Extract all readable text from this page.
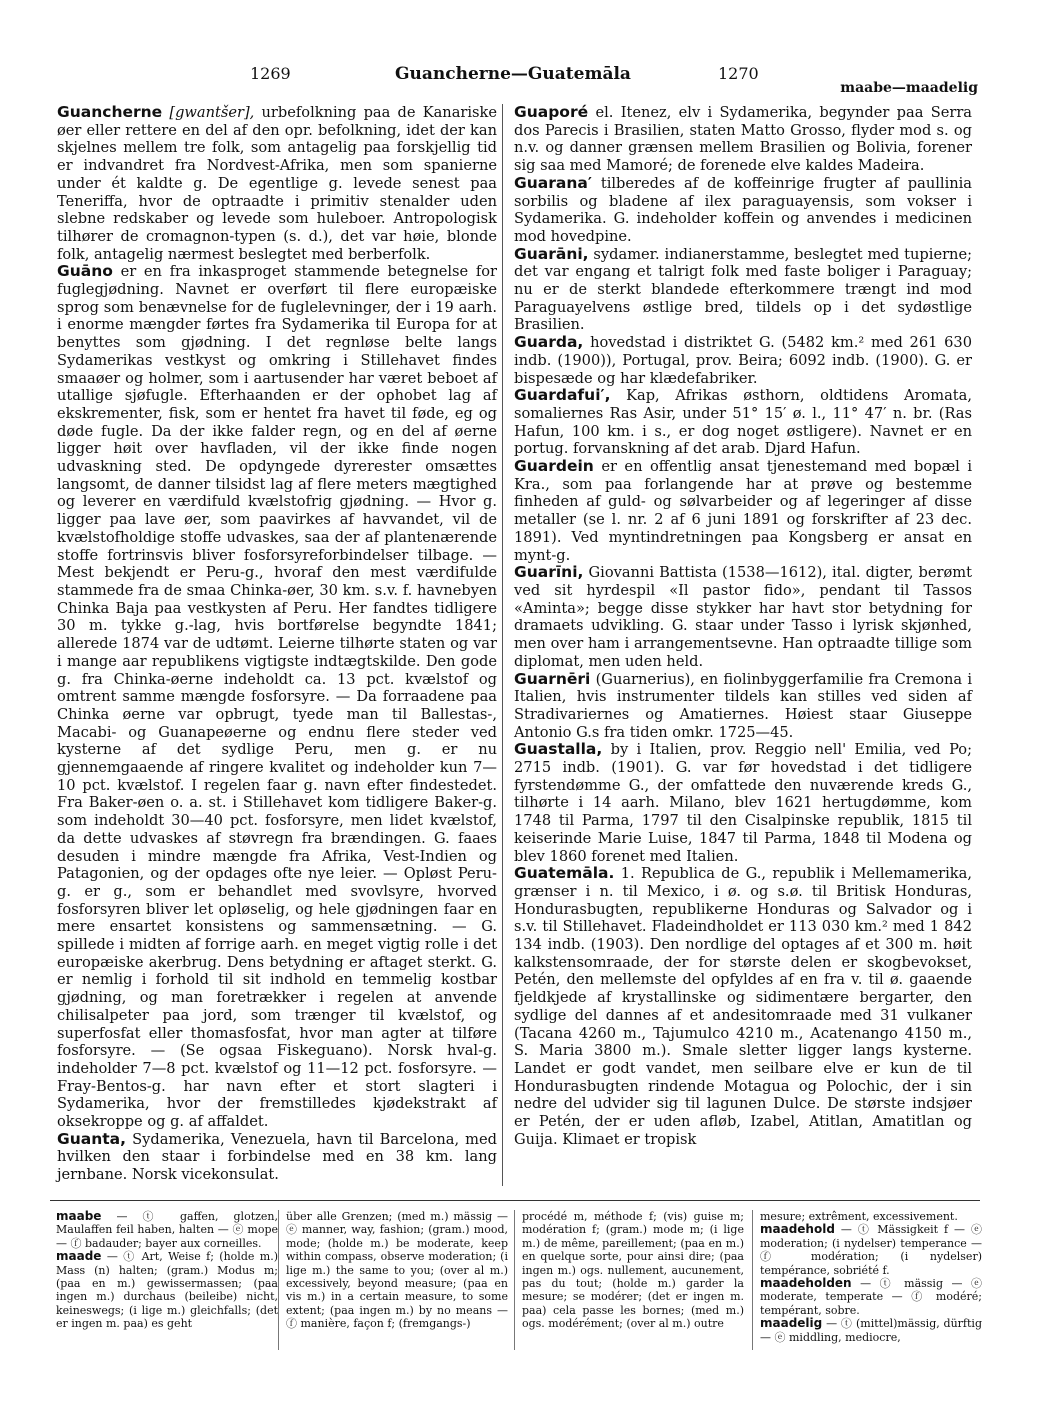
1269	Guancherne—Guatemāla	1270
maabe—maadelig

Guancherne [gwantšer], urbefolkning paa de Kanariske øer eller rettere en del af den opr. befolkning, idet der kan skjelnes mellem tre folk, som antagelig paa forskjellig tid er indvandret fra Nordvest-Afrika, men som spanierne under ét kaldte g. De egentlige g. levede senest paa Teneriffa, hvor de optraadte i primitiv stenalder uden slebne redskaber og levede som huleboer. Antropologisk tilhører de cromagnon-typen (s. d.), det var høie, blonde folk, antagelig nærmest beslegtet med berberfolk.

Guāno er en fra inkasproget stammende betegnelse for fuglegjødning. Navnet er overført til flere europæiske sprog som benævnelse for de fuglelevninger, der i 19 aarh. i enorme mængder førtes fra Sydamerika til Europa for at benyttes som gjødning. I det regnløse belte langs Sydamerikas vestkyst og omkring i Stillehavet findes smaaøer og holmer, som i aartusender har været beboet af utallige sjøfugle. Efterhaanden er der ophobet lag af ekskrementer, fisk, som er hentet fra havet til føde, eg og døde fugle. Da der ikke falder regn, og en del af øerne ligger høit over havfladen, vil der ikke finde nogen udvaskning sted. De opdyngede dyrerester omsættes langsomt, de danner tilsidst lag af flere meters mægtighed og leverer en værdifuld kvælstofrig gjødning. — Hvor g. ligger paa lave øer, som paavirkes af havvandet, vil de kvælstofholdige stoffe udvaskes, saa der af plantenærende stoffe fortrinsvis bliver fosforsyreforbindelser tilbage. — Mest bekjendt er Peru-g., hvoraf den mest værdifulde stammede fra de smaa Chinka-øer, 30 km. s.v. f. havnebyen Chinka Baja paa vestkysten af Peru. Her fandtes tidligere 30 m. tykke g.-lag, hvis bortførelse begyndte 1841; allerede 1874 var de udtømt. Leierne tilhørte staten og var i mange aar republikens vigtigste indtægtskilde. Den gode g. fra Chinka-øerne indeholdt ca. 13 pct. kvælstof og omtrent samme mængde fosforsyre. — Da forraadene paa Chinka øerne var opbrugt, tyede man til Ballestas-, Macabi- og Guanapeøerne og endnu flere steder ved kysterne af det sydlige Peru, men g. er nu gjennemgaaende af ringere kvalitet og indeholder kun 7—10 pct. kvælstof. I regelen faar g. navn efter findestedet. Fra Baker-øen o. a. st. i Stillehavet kom tidligere Baker-g. som indeholdt 30—40 pct. fosforsyre, men lidet kvælstof, da dette udvaskes af støvregn fra brændingen. G. faaes desuden i mindre mængde fra Afrika, Vest-Indien og Patagonien, og der opdages ofte nye leier. — Opløst Peru-g. er g., som er behandlet med svovlsyre, hvorved fosforsyren bliver let opløselig, og hele gjødningen faar en mere ensartet konsistens og sammensætning. — G. spillede i midten af forrige aarh. en meget vigtig rolle i det europæiske akerbrug. Dens betydning er aftaget sterkt. G. er nemlig i forhold til sit indhold en temmelig kostbar gjødning, og man foretrækker i regelen at anvende chilisalpeter paa jord, som trænger til kvælstof, og superfosfat eller thomasfosfat, hvor man agter at tilføre fosforsyre. — (Se ogsaa Fiskeguano). Norsk hval-g. indeholder 7—8 pct. kvælstof og 11—12 pct. fosforsyre. — Fray-Bentos-g. har navn efter et stort slagteri i Sydamerika, hvor der fremstilledes kjødekstrakt af oksekroppe og g. af affaldet.

Guanta, Sydamerika, Venezuela, havn til Barcelona, med hvilken den staar i forbindelse med en 38 km. lang jernbane. Norsk vicekonsulat.

Guaporé el. Itenez, elv i Sydamerika, begynder paa Serra dos Parecis i Brasilien, staten Matto Grosso, flyder mod s. og n.v. og danner grænsen mellem Brasilien og Bolivia, forener sig saa med Mamoré; de forenede elve kaldes Madeira.

Guarana′ tilberedes af de koffeinrige frugter af paullinia sorbilis og bladene af ilex paraguayensis, som vokser i Sydamerika. G. indeholder koffein og anvendes i medicinen mod hovedpine.

Guarāni, sydamer. indianerstamme, beslegtet med tupierne; det var engang et talrigt folk med faste boliger i Paraguay; nu er de sterkt blandede efterkommere trængt ind mod Paraguayelvens østlige bred, tildels op i det sydøstlige Brasilien.

Guarda, hovedstad i distriktet G. (5482 km.² med 261 630 indb. (1900)), Portugal, prov. Beira; 6092 indb. (1900). G. er bispesæde og har klædefabriker.

Guardafui′, Kap, Afrikas østhorn, oldtidens Aromata, somaliernes Ras Asir, under 51° 15′ ø. l., 11° 47′ n. br. (Ras Hafun, 100 km. i s., er dog noget østligere). Navnet er en portug. forvanskning af det arab. Djard Hafun.

Guardein er en offentlig ansat tjenestemand med bopæl i Kra., som paa forlangende har at prøve og bestemme finheden af guld- og sølvarbeider og af legeringer af disse metaller (se l. nr. 2 af 6 juni 1891 og forskrifter af 23 dec. 1891). Ved myntindretningen paa Kongsberg er ansat en mynt-g.

Guarīni, Giovanni Battista (1538—1612), ital. digter, berømt ved sit hyrdespil «Il pastor fido», pendant til Tassos «Aminta»; begge disse stykker har havt stor betydning for dramaets udvikling. G. staar under Tasso i lyrisk skjønhed, men over ham i arrangementsevne. Han optraadte tillige som diplomat, men uden held.

Guarnēri (Guarnerius), en fiolinbyggerfamilie fra Cremona i Italien, hvis instrumenter tildels kan stilles ved siden af Stradivariernes og Amatiernes. Høiest staar Giuseppe Antonio G.s fra tiden omkr. 1725—45.

Guastalla, by i Italien, prov. Reggio nell' Emilia, ved Po; 2715 indb. (1901). G. var før hovedstad i det tidligere fyrstendømme G., der omfattede den nuværende kreds G., tilhørte i 14 aarh. Milano, blev 1621 hertugdømme, kom 1748 til Parma, 1797 til den Cisalpinske republik, 1815 til keiserinde Marie Luise, 1847 til Parma, 1848 til Modena og blev 1860 forenet med Italien.

Guatemāla. 1. Republica de G., republik i Mellemamerika, grænser i n. til Mexico, i ø. og s.ø. til Britisk Honduras, Hondurasbugten, republikerne Honduras og Salvador og i s.v. til Stillehavet. Fladeindholdet er 113 030 km.² med 1 842 134 indb. (1903). Den nordlige del optages af et 300 m. høit kalkstensomraade, der for største delen er skogbevokset, Petén, den mellemste del opfyldes af en fra v. til ø. gaaende fjeldkjede af krystallinske og sidimentære bergarter, den sydlige del dannes af et andesitomraade med 31 vulkaner (Tacana 4260 m., Tajumulco 4210 m., Acatenango 4150 m., S. Maria 3800 m.). Smale sletter ligger langs kysterne. Landet er godt vandet, men seilbare elve er kun de til Hondurasbugten rindende Motagua og Polochic, der i sin nedre del udvider sig til lagunen Dulce. De største indsjøer er Petén, der er uden afløb, Izabel, Atitlan, Amatitlan og Guija. Klimaet er tropisk

maabe — ⓣ gaffen, glotzen, Maulaffen feil haben, halten — ⓔ mope — ⓕ badauder; bayer aux corneilles.
maade — ⓣ Art, Weise f; (holde m.) Mass (n) halten; (gram.) Modus m; (paa en m.) gewissermassen; (paa ingen m.) durchaus (beileibe) nicht, keineswegs; (i lige m.) gleichfalls; (det er ingen m. paa) es geht
über alle Grenzen; (med m.) mässig — ⓔ manner, way, fashion; (gram.) mood, mode; (holde m.) be moderate, keep within compass, observe moderation; (i lige m.) the same to you; (over al m.) excessively, beyond measure; (paa en vis m.) in a certain measure, to some extent; (paa ingen m.) by no means — ⓕ manière, façon f; (fremgangs-)
procédé m, méthode f; (vis) guise m; modération f; (gram.) mode m; (i lige m.) de même, pareillement; (paa en m.) en quelque sorte, pour ainsi dire; (paa ingen m.) ogs. nullement, aucunement, pas du tout; (holde m.) garder la mesure; se modérer; (det er ingen m. paa) cela passe les bornes; (med m.) ogs. modérément; (over al m.) outre
mesure; extrêment, excessivement.
maadehold — ⓣ Mässigkeit f — ⓔ moderation; (i nydelser) temperance — ⓕ modération; (i nydelser) tempérance, sobriété f.
maadeholden — ⓣ mässig — ⓔ moderate, temperate — ⓕ modéré; tempérant, sobre.
maadelig — ⓣ (mittel)mässig, dürftig — ⓔ middling, mediocre,
